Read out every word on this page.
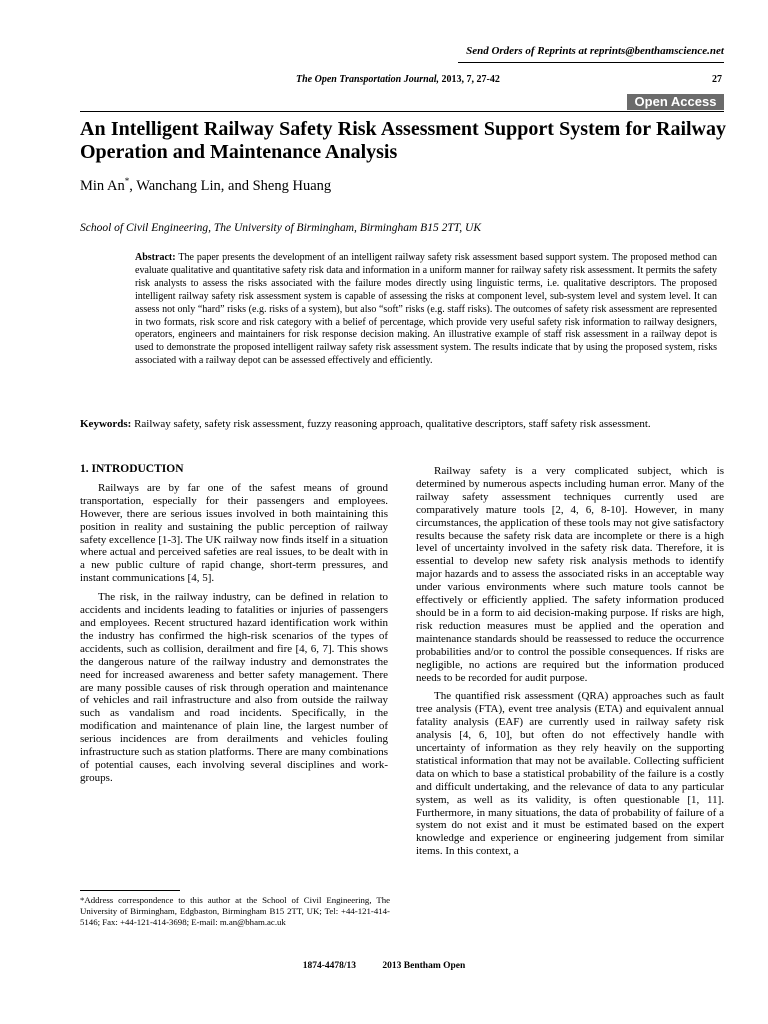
Send Orders of Reprints at reprints@benthamscience.net
The Open Transportation Journal, 2013, 7, 27-42	27
Open Access
An Intelligent Railway Safety Risk Assessment Support System for Railway Operation and Maintenance Analysis
Min An*, Wanchang Lin, and Sheng Huang
School of Civil Engineering, The University of Birmingham, Birmingham B15 2TT, UK
Abstract: The paper presents the development of an intelligent railway safety risk assessment based support system. The proposed method can evaluate qualitative and quantitative safety risk data and information in a uniform manner for railway safety risk assessment. It permits the safety risk analysts to assess the risks associated with the failure modes directly using linguistic terms, i.e. qualitative descriptors. The proposed intelligent railway safety risk assessment system is capable of assessing the risks at component level, sub-system level and system level. It can assess not only “hard” risks (e.g. risks of a system), but also “soft” risks (e.g. staff risks). The outcomes of safety risk assessment are represented in two formats, risk score and risk category with a belief of percentage, which provide very useful safety risk information to railway designers, operators, engineers and maintainers for risk response decision making. An illustrative example of staff risk assessment in a railway depot is used to demonstrate the proposed intelligent railway safety risk assessment system. The results indicate that by using the proposed system, risks associated with a railway depot can be assessed effectively and efficiently.
Keywords: Railway safety, safety risk assessment, fuzzy reasoning approach, qualitative descriptors, staff safety risk assessment.
1. INTRODUCTION

Railways are by far one of the safest means of ground transportation, especially for their passengers and employees. However, there are serious issues involved in both maintaining this position in reality and sustaining the public perception of railway safety excellence [1-3]. The UK railway now finds itself in a situation where actual and perceived safeties are real issues, to be dealt with in a new public culture of rapid change, short-term pressures, and instant communications [4, 5].

The risk, in the railway industry, can be defined in relation to accidents and incidents leading to fatalities or injuries of passengers and employees. Recent structured hazard identification work within the industry has confirmed the high-risk scenarios of the types of accidents, such as collision, derailment and fire [4, 6, 7]. This shows the dangerous nature of the railway industry and demonstrates the need for increased awareness and better safety management. There are many possible causes of risk through operation and maintenance of vehicles and rail infrastructure and also from outside the railway such as vandalism and road incidents. Specifically, in the modification and maintenance of plain line, the largest number of serious incidences are from derailments and vehicles fouling infrastructure such as station platforms. There are many combinations of potential causes, each involving several disciplines and work-groups.

Railway safety is a very complicated subject, which is determined by numerous aspects including human error. Many of the railway safety assessment techniques currently used are comparatively mature tools [2, 4, 6, 8-10]. However, in many circumstances, the application of these tools may not give satisfactory results because the safety risk data are incomplete or there is a high level of uncertainty involved in the safety risk data. Therefore, it is essential to develop new safety risk analysis methods to identify major hazards and to assess the associated risks in an acceptable way under various environments where such mature tools cannot be effectively or efficiently applied. The safety information produced should be in a form to aid decision-making purpose. If risks are high, risk reduction measures must be applied and the operation and maintenance standards should be reassessed to reduce the occurrence probabilities and/or to control the possible consequences. If risks are negligible, no actions are required but the information produced needs to be recorded for audit purpose.

The quantified risk assessment (QRA) approaches such as fault tree analysis (FTA), event tree analysis (ETA) and equivalent annual fatality analysis (EAF) are currently used in railway safety risk analysis [4, 6, 10], but often do not effectively handle with uncertainty of information as they rely heavily on the supporting statistical information that may not be available. Collecting sufficient data on which to base a statistical probability of the failure is a costly and difficult undertaking, and the relevance of data to any particular system, as well as its validity, is often questionable [1, 11]. Furthermore, in many situations, the data of probability of failure of a system do not exist and it must be estimated based on the expert knowledge and experience or engineering judgement from similar items. In this context, a

*Address correspondence to this author at the School of Civil Engineering, The University of Birmingham, Edgbaston, Birmingham B15 2TT, UK; Tel: +44-121-414-5146; Fax: +44-121-414-3698; E-mail: m.an@bham.ac.uk
1874-4478/13	2013 Bentham Open
